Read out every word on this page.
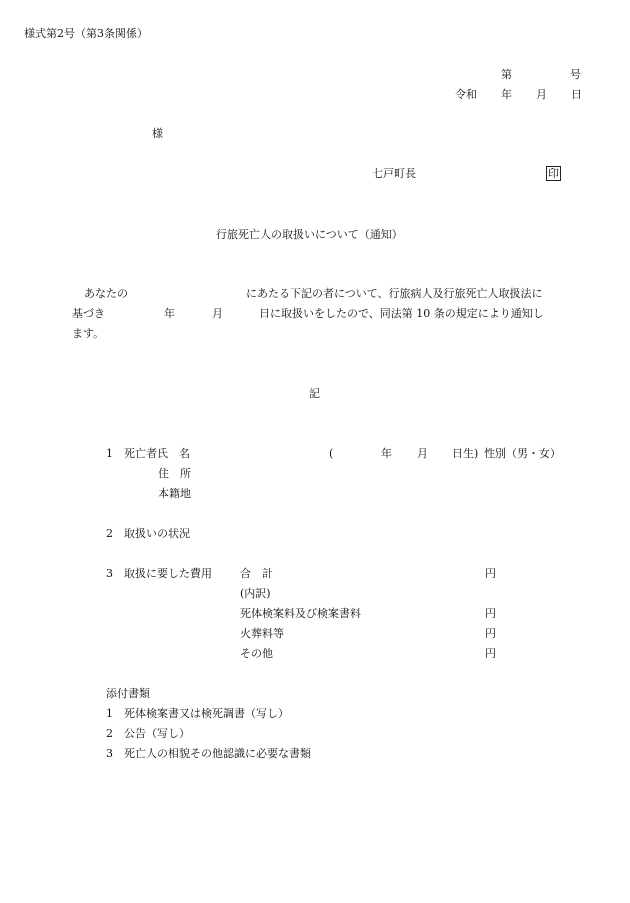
様式第2号（第3条関係）
第	号
令和 年 月 日
様
七戸町長	印
行旅死亡人の取扱いについて（通知）
あなたの	にあたる下記の者について、行旅病人及行旅死亡人取扱法に
基づき	年	月	日に取扱いをしたので、同法第 10 条の規定により通知し
ます。
記
1 死亡者氏　名	(	年 月 日生) 性別（男・女）
住　所
本籍地
2 取扱いの状況
3 取扱に要した費用	合　計	円
(内訳)
死体検案料及び検案書料	円
火葬料等	円
その他	円
添付書類
1 死体検案書又は検死調書（写し）
2 公告（写し）
3 死亡人の相貌その他認識に必要な書類
